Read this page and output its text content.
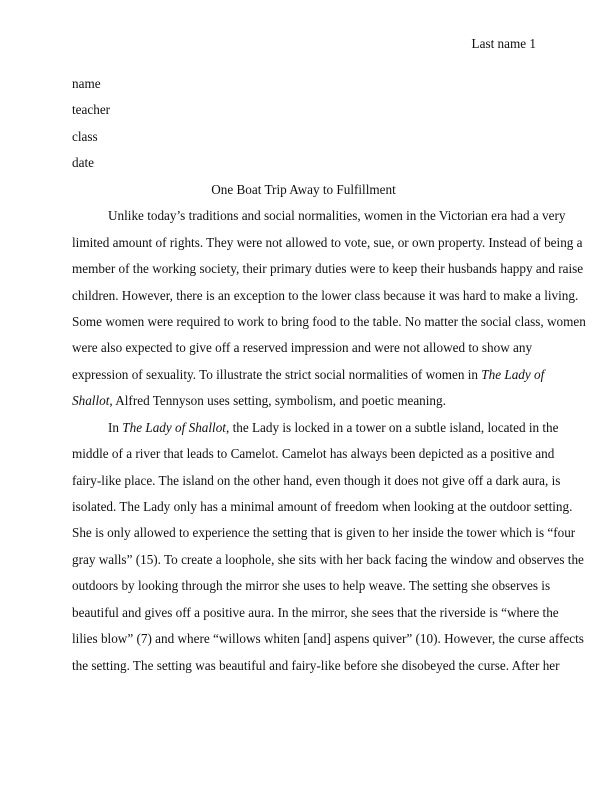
Last name 1
name
teacher
class
date
One Boat Trip Away to Fulfillment
Unlike today’s traditions and social normalities, women in the Victorian era had a very
limited amount of rights. They were not allowed to vote, sue, or own property. Instead of being a
member of the working society, their primary duties were to keep their husbands happy and raise
children. However, there is an exception to the lower class because it was hard to make a living.
Some women were required to work to bring food to the table. No matter the social class, women
were also expected to give off a reserved impression and were not allowed to show any
expression of sexuality. To illustrate the strict social normalities of women in The Lady of
Shallot, Alfred Tennyson uses setting, symbolism, and poetic meaning.
In The Lady of Shallot, the Lady is locked in a tower on a subtle island, located in the
middle of a river that leads to Camelot. Camelot has always been depicted as a positive and
fairy-like place. The island on the other hand, even though it does not give off a dark aura, is
isolated. The Lady only has a minimal amount of freedom when looking at the outdoor setting.
She is only allowed to experience the setting that is given to her inside the tower which is “four
gray walls” (15). To create a loophole, she sits with her back facing the window and observes the
outdoors by looking through the mirror she uses to help weave. The setting she observes is
beautiful and gives off a positive aura. In the mirror, she sees that the riverside is “where the
lilies blow” (7) and where “willows whiten [and] aspens quiver” (10). However, the curse affects
the setting. The setting was beautiful and fairy-like before she disobeyed the curse. After her
